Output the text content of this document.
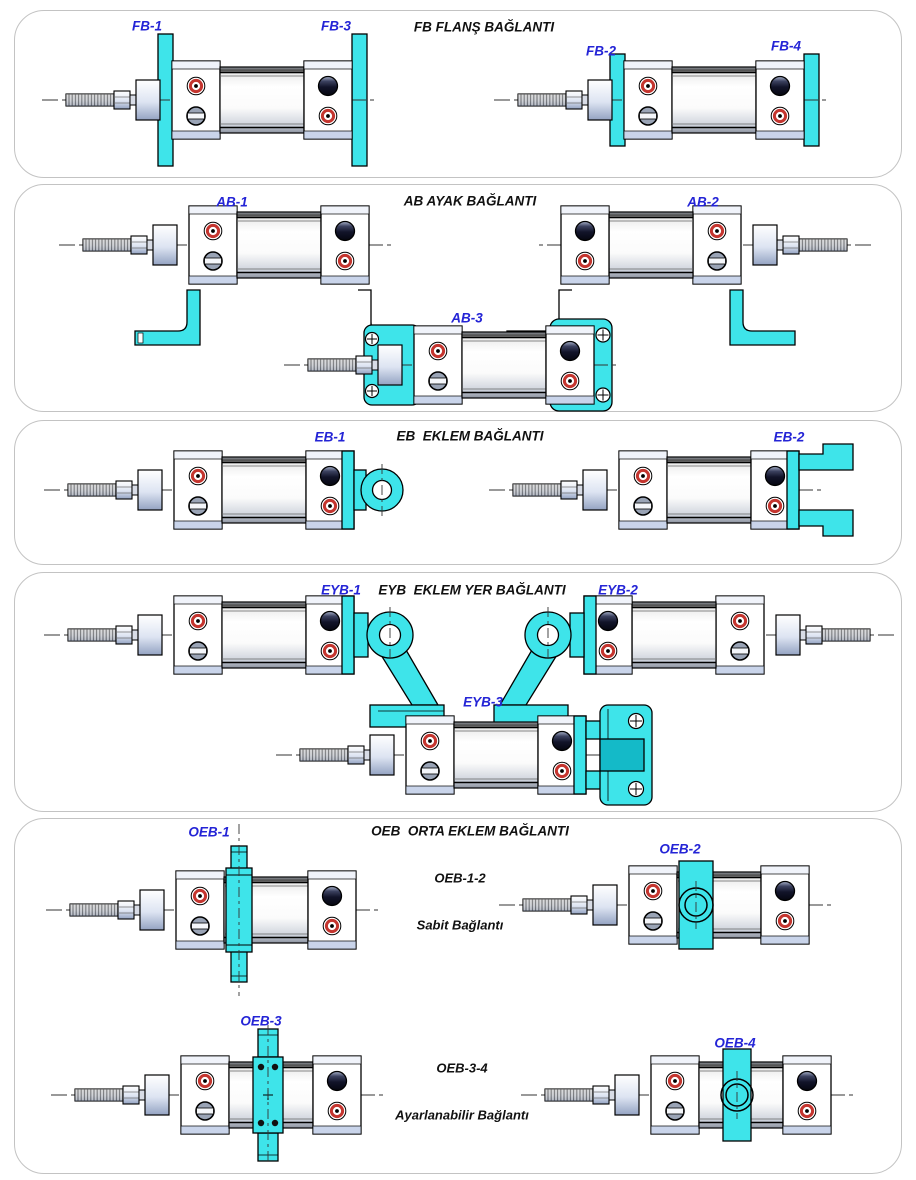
FB FLANŞ BAĞLANTI
AB AYAK BAĞLANTI
EB  EKLEM BAĞLANTI
EYB  EKLEM YER BAĞLANTI
OEB  ORTA EKLEM BAĞLANTI
FB-1	FB-3
FB-2	FB-4
AB-1	AB-2
AB-3
EB-1	EB-2
EYB-1	EYB-2
EYB-3
OEB-1
OEB-2
OEB-3
OEB-4

OEB-1-2

Sabit Bağlantı

OEB-3-4

Ayarlanabilir Bağlantı
